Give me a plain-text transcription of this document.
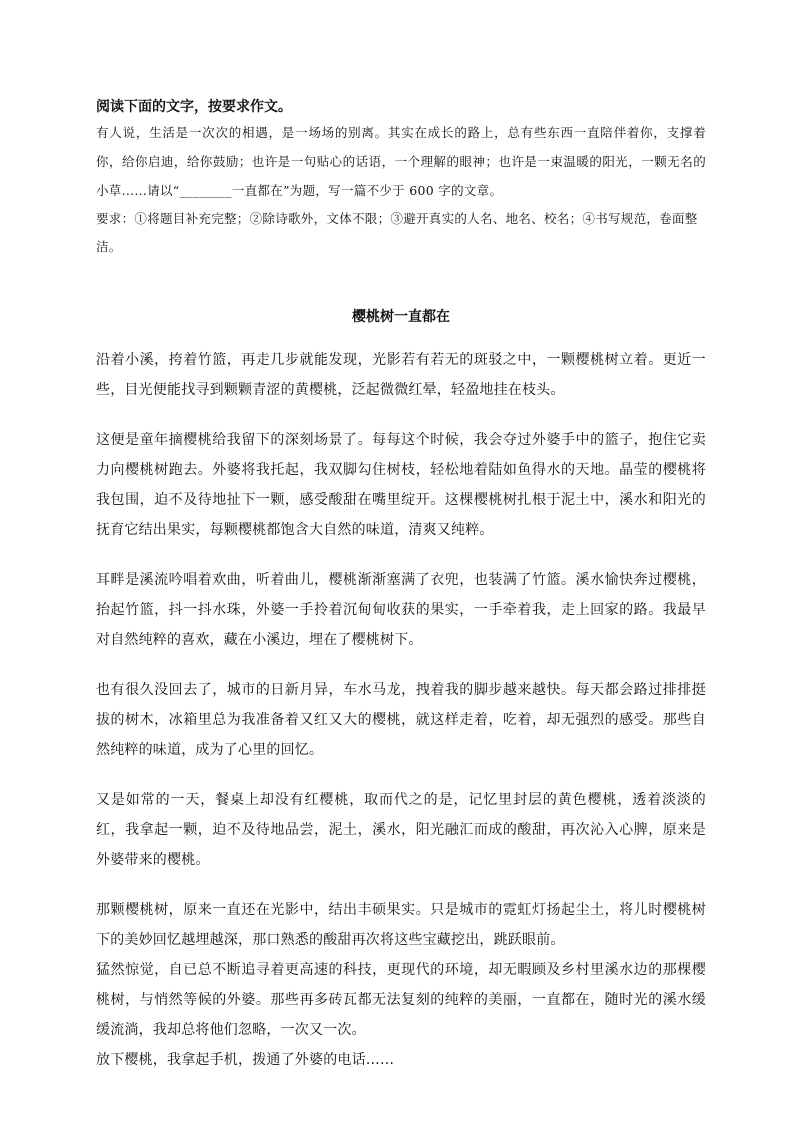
阅读下面的文字，按要求作文。

有人说，生活是一次次的相遇，是一场场的别离。其实在成长的路上，总有些东西一直陪伴着你，支撑着你，给你启迪，给你鼓励；也许是一句贴心的话语，一个理解的眼神；也许是一束温暖的阳光，一颗无名的小草……请以“________一直都在”为题，写一篇不少于 600 字的文章。

要求：①将题目补充完整；②除诗歌外，文体不限；③避开真实的人名、地名、校名；④书写规范，卷面整洁。

樱桃树一直都在

沿着小溪，挎着竹篮，再走几步就能发现，光影若有若无的斑驳之中，一颗樱桃树立着。更近一些，目光便能找寻到颗颗青涩的黄樱桃，泛起微微红晕，轻盈地挂在枝头。

这便是童年摘樱桃给我留下的深刻场景了。每每这个时候，我会夺过外婆手中的篮子，抱住它卖力向樱桃树跑去。外婆将我托起，我双脚勾住树枝，轻松地着陆如鱼得水的天地。晶莹的樱桃将我包围，迫不及待地扯下一颗，感受酸甜在嘴里绽开。这棵樱桃树扎根于泥土中，溪水和阳光的抚育它结出果实，每颗樱桃都饱含大自然的味道，清爽又纯粹。

耳畔是溪流吟唱着欢曲，听着曲儿，樱桃渐渐塞满了衣兜，也装满了竹篮。溪水愉快奔过樱桃，抬起竹篮，抖一抖水珠，外婆一手拎着沉甸甸收获的果实，一手牵着我，走上回家的路。我最早对自然纯粹的喜欢，藏在小溪边，埋在了樱桃树下。

也有很久没回去了，城市的日新月异，车水马龙，拽着我的脚步越来越快。每天都会路过排排挺拔的树木，冰箱里总为我准备着又红又大的樱桃，就这样走着，吃着，却无强烈的感受。那些自然纯粹的味道，成为了心里的回忆。

又是如常的一天，餐桌上却没有红樱桃，取而代之的是，记忆里封层的黄色樱桃，透着淡淡的红，我拿起一颗，迫不及待地品尝，泥土，溪水，阳光融汇而成的酸甜，再次沁入心脾，原来是外婆带来的樱桃。

那颗樱桃树，原来一直还在光影中，结出丰硕果实。只是城市的霓虹灯扬起尘土，将儿时樱桃树下的美妙回忆越埋越深，那口熟悉的酸甜再次将这些宝藏挖出，跳跃眼前。

猛然惊觉，自已总不断追寻着更高速的科技，更现代的环境，却无暇顾及乡村里溪水边的那棵樱桃树，与悄然等候的外婆。那些再多砖瓦都无法复刻的纯粹的美丽，一直都在，随时光的溪水缓缓流淌，我却总将他们忽略，一次又一次。

放下樱桃，我拿起手机，拨通了外婆的电话……
